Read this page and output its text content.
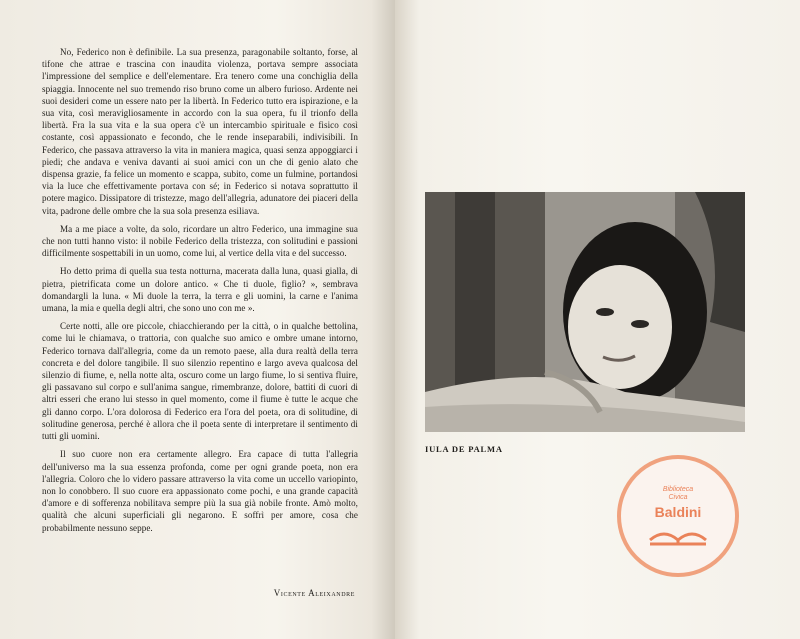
No, Federico non è definibile. La sua presenza, paragonabile soltanto, forse, al tifone che attrae e trascina con inaudita violenza, portava sempre associata l'impressione del semplice e dell'elementare. Era tenero come una conchiglia della spiaggia. Innocente nel suo tremendo riso bruno come un albero furioso. Ardente nei suoi desideri come un essere nato per la libertà. In Federico tutto era ispirazione, e la sua vita, così meravigliosamente in accordo con la sua opera, fu il trionfo della libertà. Fra la sua vita e la sua opera c'è un intercambio spirituale e fisico così costante, così appassionato e fecondo, che le rende inseparabili, indivisibili. In Federico, che passava attraverso la vita in maniera magica, quasi senza appoggiarci i piedi; che andava e veniva davanti ai suoi amici con un che di genio alato che dispensa grazie, fa felice un momento e scappa, subito, come un fulmine, portandosi via la luce che effettivamente portava con sé; in Federico si notava soprattutto il potere magico. Dissipatore di tristezze, mago dell'allegria, adunatore dei piaceri della vita, padrone delle ombre che la sua sola presenza esiliava.

Ma a me piace a volte, da solo, ricordare un altro Federico, una immagine sua che non tutti hanno visto: il nobile Federico della tristezza, con solitudini e passioni difficilmente sospettabili in un uomo, come lui, al vertice della vita e del successo.

Ho detto prima di quella sua testa notturna, macerata dalla luna, quasi gialla, di pietra, pietrificata come un dolore antico. « Che ti duole, figlio? », sembrava domandargli la luna. « Mi duole la terra, la terra e gli uomini, la carne e l'anima umana, la mia e quella degli altri, che sono uno con me ».

Certe notti, alle ore piccole, chiacchierando per la città, o in qualche bettolina, come lui le chiamava, o trattoria, con qualche suo amico e ombre umane intorno, Federico tornava dall'allegria, come da un remoto paese, alla dura realtà della terra concreta e del dolore tangibile. Il suo silenzio repentino e largo aveva qualcosa del silenzio di fiume, e, nella notte alta, oscuro come un largo fiume, lo si sentiva fluire, gli passavano sul corpo e sull'anima sangue, rimembranze, dolore, battiti di cuori di altri esseri che erano lui stesso in quel momento, come il fiume è tutte le acque che gli danno corpo. L'ora dolorosa di Federico era l'ora del poeta, ora di solitudine, di solitudine generosa, perché è allora che il poeta sente di interpretare il sentimento di tutti gli uomini.

Il suo cuore non era certamente allegro. Era capace di tutta l'allegria dell'universo ma la sua essenza profonda, come per ogni grande poeta, non era l'allegria. Coloro che lo videro passare attraverso la vita come un uccello variopinto, non lo conobbero. Il suo cuore era appassionato come pochi, e una grande capacità d'amore e di sofferenza nobilitava sempre più la sua già nobile fronte. Amò molto, qualità che alcuni superficiali gli negarono. E soffrì per amore, cosa che probabilmente nessuno seppe.

Vicente Aleixandre
IULA DE PALMA
Biblioteca
Civica
Baldini
